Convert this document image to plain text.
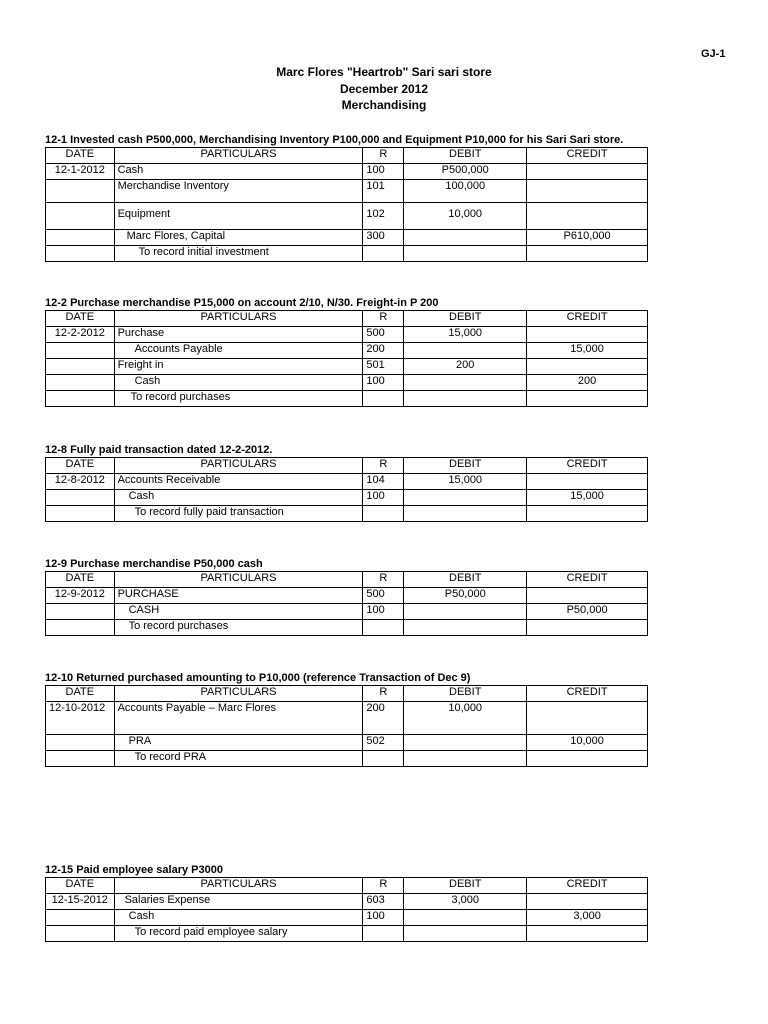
GJ-1
Marc Flores "Heartrob" Sari sari store
December 2012
Merchandising
12-1 Invested cash P500,000, Merchandising Inventory P100,000 and Equipment P10,000 for his Sari Sari store.
DATE	PARTICULARS	R	DEBIT	CREDIT
12-1-2012	Cash	100	P500,000	
	Merchandise Inventory	101	100,000	
	Equipment	102	10,000	
	Marc Flores, Capital	300		P610,000
	To record initial investment			
12-2 Purchase merchandise P15,000 on account 2/10, N/30. Freight-in P 200
DATE	PARTICULARS	R	DEBIT	CREDIT
12-2-2012	Purchase	500	15,000	
	Accounts Payable	200		15,000
	Freight in	501	200	
	Cash	100		200
	To record purchases			
12-8 Fully paid transaction dated 12-2-2012.
DATE	PARTICULARS	R	DEBIT	CREDIT
12-8-2012	Accounts Receivable	104	15,000	
	Cash	100		15,000
	To record fully paid transaction			
12-9 Purchase merchandise P50,000 cash
DATE	PARTICULARS	R	DEBIT	CREDIT
12-9-2012	PURCHASE	500	P50,000	
	CASH	100		P50,000
	To record purchases			
12-10 Returned purchased amounting to P10,000 (reference Transaction of Dec 9)
DATE	PARTICULARS	R	DEBIT	CREDIT
12-10-2012	Accounts Payable – Marc Flores	200	10,000	
	PRA	502		10,000
	To record PRA			
12-15 Paid employee salary P3000
DATE	PARTICULARS	R	DEBIT	CREDIT
12-15-2012	Salaries Expense	603	3,000	
	Cash	100		3,000
	To record paid employee salary			
